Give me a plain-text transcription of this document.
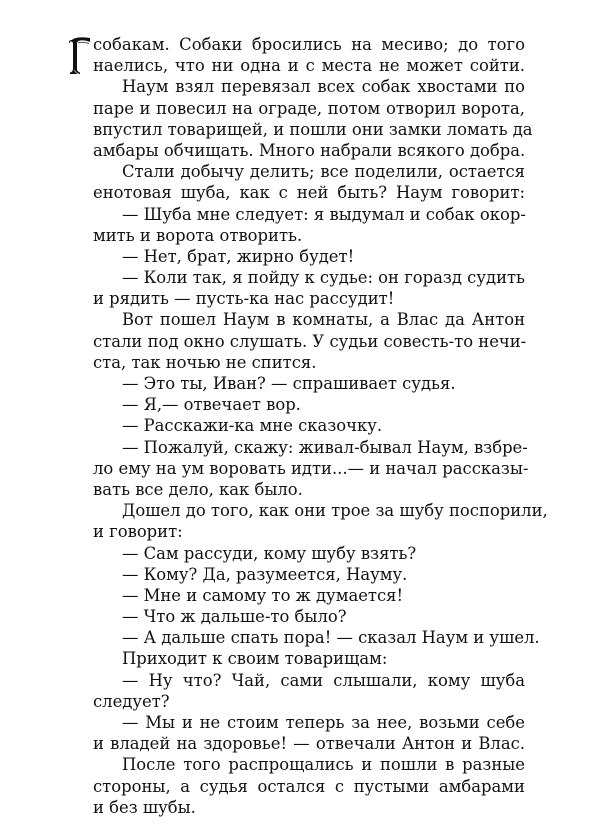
собакам. Собаки бросились на месиво; до того
наелись, что ни одна и с места не может сойти.
Наум взял перевязал всех собак хвостами по
паре и повесил на ограде, потом отворил ворота,
впустил товарищей, и пошли они замки ломать да
амбары обчищать. Много набрали всякого добра.
Стали добычу делить; все поделили, остается
енотовая шуба, как с ней быть? Наум говорит:
— Шуба мне следует: я выдумал и собак окор-
мить и ворота отворить.
— Нет, брат, жирно будет!
— Коли так, я пойду к судье: он горазд судить
и рядить — пусть-ка нас рассудит!
Вот пошел Наум в комнаты, а Влас да Антон
стали под окно слушать. У судьи совесть-то нечи-
ста, так ночью не спится.
— Это ты, Иван? — спрашивает судья.
— Я,— отвечает вор.
— Расскажи-ка мне сказочку.
— Пожалуй, скажу: живал-бывал Наум, взбре-
ло ему на ум воровать идти...— и начал рассказы-
вать все дело, как было.
Дошел до того, как они трое за шубу поспорили,
и говорит:
— Сам рассуди, кому шубу взять?
— Кому? Да, разумеется, Науму.
— Мне и самому то ж думается!
— Что ж дальше-то было?
— А дальше спать пора! — сказал Наум и ушел.
Приходит к своим товарищам:
— Ну что? Чай, сами слышали, кому шуба
следует?
— Мы и не стоим теперь за нее, возьми себе
и владей на здоровье! — отвечали Антон и Влас.
После того распрощались и пошли в разные
стороны, а судья остался с пустыми амбарами
и без шубы.
